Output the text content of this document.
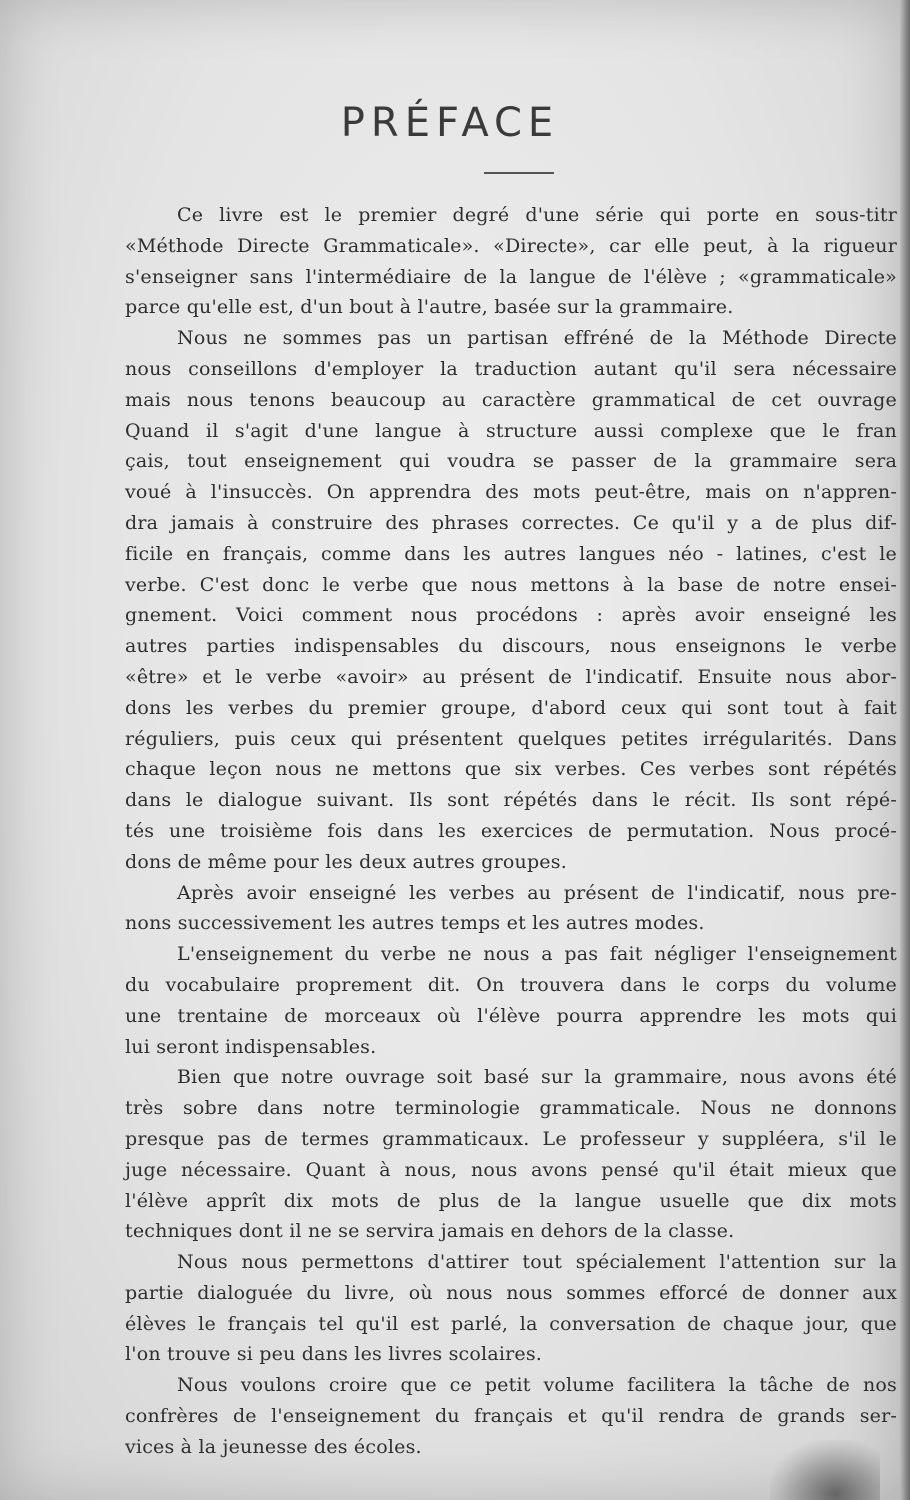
PRÉFACE

Ce livre est le premier degré d'une série qui porte en sous-titr
«Méthode Directe Grammaticale». «Directe», car elle peut, à la rigueur
s'enseigner sans l'intermédiaire de la langue de l'élève ; «grammaticale»
parce qu'elle est, d'un bout à l'autre, basée sur la grammaire.

Nous ne sommes pas un partisan effréné de la Méthode Directe
nous conseillons d'employer la traduction autant qu'il sera nécessaire
mais nous tenons beaucoup au caractère grammatical de cet ouvrage
Quand il s'agit d'une langue à structure aussi complexe que le fran
çais, tout enseignement qui voudra se passer de la grammaire sera
voué à l'insuccès. On apprendra des mots peut-être, mais on n'appren-
dra jamais à construire des phrases correctes. Ce qu'il y a de plus dif-
ficile en français, comme dans les autres langues néo - latines, c'est le
verbe. C'est donc le verbe que nous mettons à la base de notre ensei-
gnement. Voici comment nous procédons : après avoir enseigné les
autres parties indispensables du discours, nous enseignons le verbe
«être» et le verbe «avoir» au présent de l'indicatif. Ensuite nous abor-
dons les verbes du premier groupe, d'abord ceux qui sont tout à fait
réguliers, puis ceux qui présentent quelques petites irrégularités. Dans
chaque leçon nous ne mettons que six verbes. Ces verbes sont répétés
dans le dialogue suivant. Ils sont répétés dans le récit. Ils sont répé-
tés une troisième fois dans les exercices de permutation. Nous procé-
dons de même pour les deux autres groupes.

Après avoir enseigné les verbes au présent de l'indicatif, nous pre-
nons successivement les autres temps et les autres modes.

L'enseignement du verbe ne nous a pas fait négliger l'enseignement
du vocabulaire proprement dit. On trouvera dans le corps du volume
une trentaine de morceaux où l'élève pourra apprendre les mots qui
lui seront indispensables.

Bien que notre ouvrage soit basé sur la grammaire, nous avons été
très sobre dans notre terminologie grammaticale. Nous ne donnons
presque pas de termes grammaticaux. Le professeur y suppléera, s'il le
juge nécessaire. Quant à nous, nous avons pensé qu'il était mieux que
l'élève apprît dix mots de plus de la langue usuelle que dix mots
techniques dont il ne se servira jamais en dehors de la classe.

Nous nous permettons d'attirer tout spécialement l'attention sur la
partie dialoguée du livre, où nous nous sommes efforcé de donner aux
élèves le français tel qu'il est parlé, la conversation de chaque jour, que
l'on trouve si peu dans les livres scolaires.

Nous voulons croire que ce petit volume facilitera la tâche de nos
confrères de l'enseignement du français et qu'il rendra de grands ser-
vices à la jeunesse des écoles.
